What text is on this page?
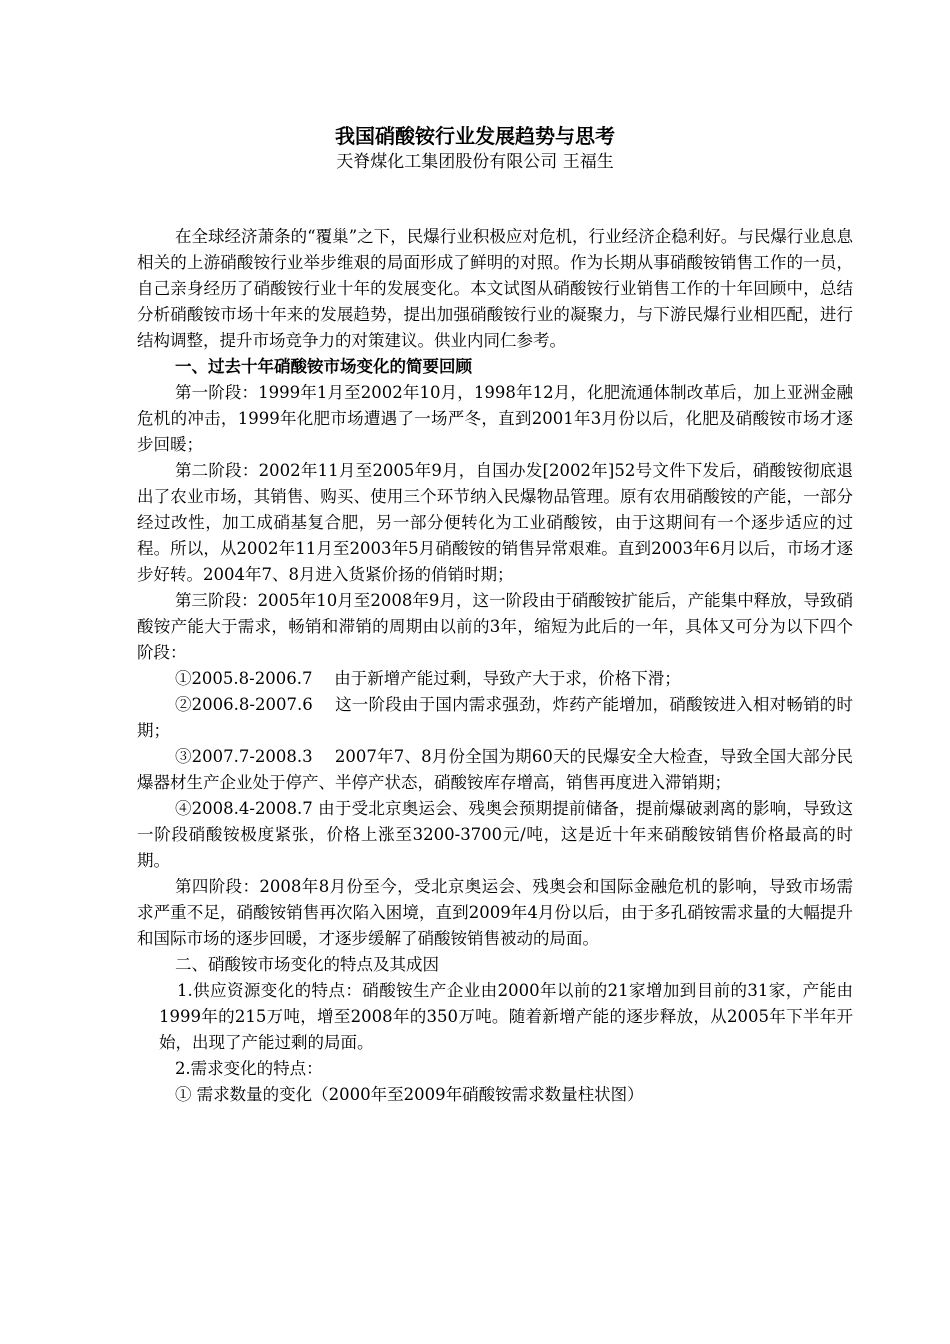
我国硝酸铵行业发展趋势与思考
天脊煤化工集团股份有限公司 王福生

在全球经济萧条的“覆巢”之下，民爆行业积极应对危机，行业经济企稳利好。与民爆行业息息相关的上游硝酸铵行业举步维艰的局面形成了鲜明的对照。作为长期从事硝酸铵销售工作的一员，自己亲身经历了硝酸铵行业十年的发展变化。本文试图从硝酸铵行业销售工作的十年回顾中，总结分析硝酸铵市场十年来的发展趋势，提出加强硝酸铵行业的凝聚力，与下游民爆行业相匹配，进行结构调整，提升市场竞争力的对策建议。供业内同仁参考。

一、过去十年硝酸铵市场变化的简要回顾

第一阶段：1999年1月至2002年10月，1998年12月，化肥流通体制改革后，加上亚洲金融危机的冲击，1999年化肥市场遭遇了一场严冬，直到2001年3月份以后，化肥及硝酸铵市场才逐步回暖；

第二阶段：2002年11月至2005年9月，自国办发[2002年]52号文件下发后，硝酸铵彻底退出了农业市场，其销售、购买、使用三个环节纳入民爆物品管理。原有农用硝酸铵的产能，一部分经过改性，加工成硝基复合肥，另一部分便转化为工业硝酸铵，由于这期间有一个逐步适应的过程。所以，从2002年11月至2003年5月硝酸铵的销售异常艰难。直到2003年6月以后，市场才逐步好转。2004年7、8月进入货紧价扬的俏销时期；

第三阶段：2005年10月至2008年9月，这一阶段由于硝酸铵扩能后，产能集中释放，导致硝酸铵产能大于需求，畅销和滞销的周期由以前的3年，缩短为此后的一年，具体又可分为以下四个阶段：

①2005.8-2006.7　 由于新增产能过剩，导致产大于求，价格下滑；

②2006.8-2007.6　 这一阶段由于国内需求强劲，炸药产能增加，硝酸铵进入相对畅销的时期；

③2007.7-2008.3　 2007年7、8月份全国为期60天的民爆安全大检查，导致全国大部分民爆器材生产企业处于停产、半停产状态，硝酸铵库存增高，销售再度进入滞销期；

④2008.4-2008.7 由于受北京奥运会、残奥会预期提前储备，提前爆破剥离的影响，导致这一阶段硝酸铵极度紧张，价格上涨至3200-3700元/吨，这是近十年来硝酸铵销售价格最高的时期。

第四阶段：2008年8月份至今，受北京奥运会、残奥会和国际金融危机的影响，导致市场需求严重不足，硝酸铵销售再次陷入困境，直到2009年4月份以后，由于多孔硝铵需求量的大幅提升和国际市场的逐步回暖，才逐步缓解了硝酸铵销售被动的局面。

二、硝酸铵市场变化的特点及其成因

1.供应资源变化的特点：硝酸铵生产企业由2000年以前的21家增加到目前的31家，产能由1999年的215万吨，增至2008年的350万吨。随着新增产能的逐步释放，从2005年下半年开始，出现了产能过剩的局面。

2.需求变化的特点：

① 需求数量的变化（2000年至2009年硝酸铵需求数量柱状图）
